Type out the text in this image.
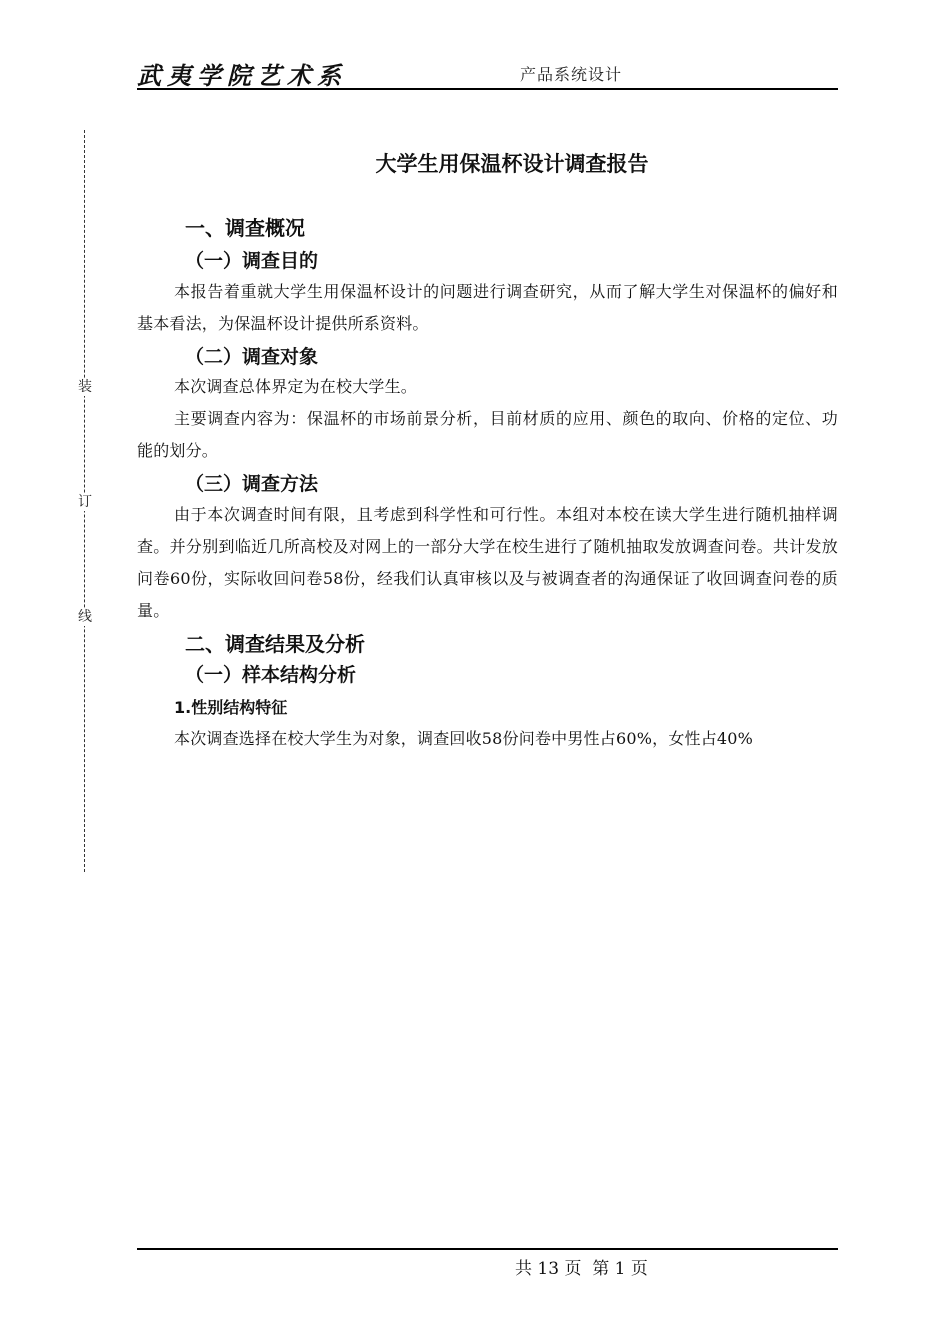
武夷学院艺术系	产品系统设计
装
订
线
大学生用保温杯设计调查报告
一、调查概况
（一）调查目的
本报告着重就大学生用保温杯设计的问题进行调查研究，从而了解大学生对保温杯的偏好和基本看法，为保温杯设计提供所系资料。
（二）调查对象
本次调查总体界定为在校大学生。
主要调查内容为：保温杯的市场前景分析，目前材质的应用、颜色的取向、价格的定位、功能的划分。
（三）调查方法
由于本次调查时间有限，且考虑到科学性和可行性。本组对本校在读大学生进行随机抽样调查。并分别到临近几所高校及对网上的一部分大学在校生进行了随机抽取发放调查问卷。共计发放问卷60份，实际收回问卷58份，经我们认真审核以及与被调查者的沟通保证了收回调查问卷的质量。
二、调查结果及分析
（一）样本结构分析
1.性别结构特征
本次调查选择在校大学生为对象，调查回收58份问卷中男性占60%，女性占40%
共 13 页  第 1 页
